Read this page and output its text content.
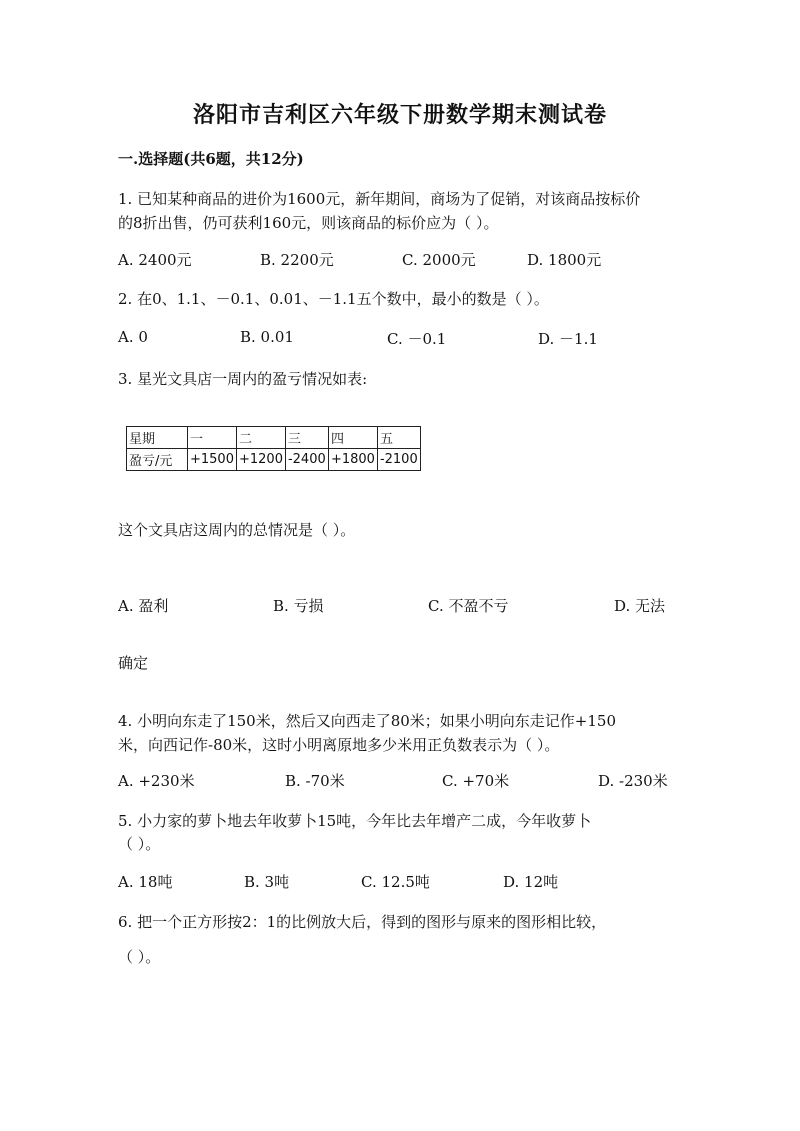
洛阳市吉利区六年级下册数学期末测试卷
一.选择题(共6题，共12分)
1. 已知某种商品的进价为1600元，新年期间，商场为了促销，对该商品按标价
的8折出售，仍可获利160元，则该商品的标价应为（ ）。
A. 2400元	B. 2200元	C. 2000元	D. 1800元
2. 在0、1.1、－0.1、0.01、－1.1五个数中，最小的数是（ ）。
A. 0	B. 0.01	C. －0.1	D. －1.1
3. 星光文具店一周内的盈亏情况如表:
星期	一	二	三	四	五
盈亏/元	+1500	+1200	-2400	+1800	-2100
这个文具店这周内的总情况是（ ）。
A. 盈利	B. 亏损	C. 不盈不亏	D. 无法
确定
4. 小明向东走了150米，然后又向西走了80米；如果小明向东走记作+150
米，向西记作-80米，这时小明离原地多少米用正负数表示为（ ）。
A. +230米	B. -70米	C. +70米	D. -230米
5. 小力家的萝卜地去年收萝卜15吨，今年比去年增产二成，今年收萝卜
（ ）。
A. 18吨	B. 3吨	C. 12.5吨	D. 12吨
6. 把一个正方形按2：1的比例放大后，得到的图形与原来的图形相比较，
（ ）。
